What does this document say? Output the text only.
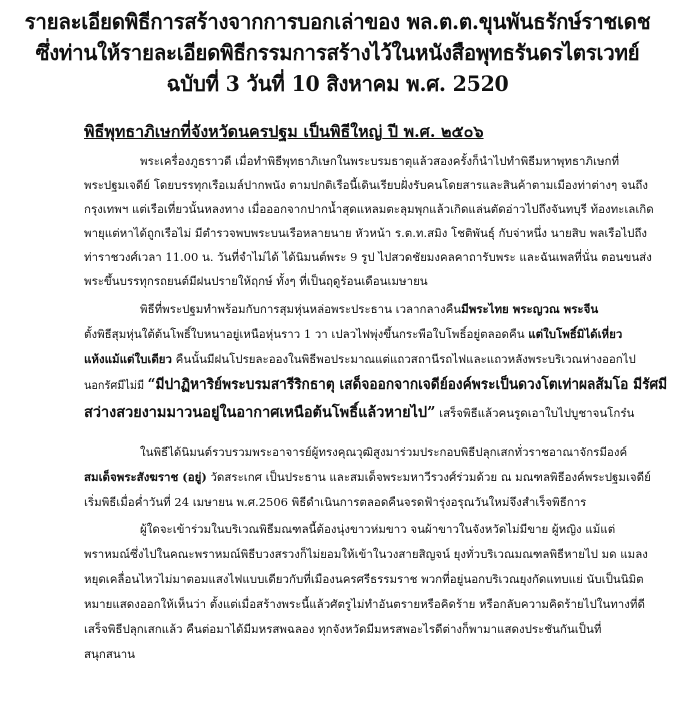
รายละเอียดพิธีการสร้างจากการบอกเล่าของ พล.ต.ต.ขุนพันธรักษ์ราชเดช
ซึ่งท่านให้รายละเอียดพิธีกรรมการสร้างไว้ในหนังสือพุทธรันดรไตรเวทย์
ฉบับที่ 3 วันที่ 10 สิงหาคม พ.ศ. 2520
พิธีพุทธาภิเษกที่จังหวัดนครปฐม เป็นพิธีใหญ่ ปี พ.ศ. ๒๕๐๖
พระเครื่องภูธราวดี เมื่อทำพิธีพุทธาภิเษกในพระบรมธาตุแล้วสองครั้งก็นำไปทำพิธีมหาพุทธาภิเษกที่
พระปฐมเจดีย์ โดยบรรทุกเรือเมล์ปากพนัง ตามปกติเรือนี้เดินเรียบฝั่งรับคนโดยสารและสินค้าตามเมืองท่าต่างๆ จนถึง
กรุงเทพฯ แต่เรือเที่ยวนั้นหลงทาง เมื่อออกจากปากน้ำสุดแหลมตะลุมพุกแล้วเกิดแล่นตัดอ่าวไปถึงจันทบุรี ท้องทะเลเกิด
พายุแต่หาได้ถูกเรือไม่ มีตำรวจพบพระบนเรือหลายนาย หัวหน้า ร.ต.ท.สมิง โชติพันธุ์ กับจ่าหนึ่ง นายสิบ พลเรือไปถึง
ท่าราชวงศ์เวลา 11.00 น. วันที่จำไม่ได้ ได้นิมนต์พระ 9 รูป ไปสวดชัยมงคลคาถารับพระ และฉันเพลที่นั่น ตอนขนส่ง
พระขึ้นบรรทุกรถยนต์มีฝนปรายให้ฤกษ์ ทั้งๆ ที่เป็นฤดูร้อนเดือนเมษายน
พิธีที่พระปฐมทำพร้อมกับการสุมหุ่นหล่อพระประธาน เวลากลางคืนมีพระไทย พระญวณ พระจีน
ตั้งพิธีสุมหุ่นใต้ต้นโพธิ์ใบหนาอยู่เหนือหุ่นราว 1 วา เปลวไฟพุ่งขึ้นกระพือใบโพธิ์อยู่ตลอดคืน แต่ใบโพธิ์มิได้เหี่ยว
แห้งแม้แต่ใบเดียว คืนนั้นมีฝนโปรยละอองในพิธีพอประมาณแต่แถวสถานีรถไฟและแถวหลังพระบริเวณห่างออกไป
นอกรัศมีไม่มี “มีปาฏิหาริย์พระบรมสารีริกธาตุ เสด็จออกจากเจดีย์องค์พระเป็นดวงโตเท่าผลส้มโอ มีรัศมี
สว่างสวยงามมาวนอยู่ในอากาศเหนือต้นโพธิ์แล้วหายไป” เสร็จพิธีแล้วคนรูดเอาใบไปบูชาจนโกร๋น
ในพิธีได้นิมนต์รวบรวมพระอาจารย์ผู้ทรงคุณวุฒิสูงมาร่วมประกอบพิธีปลุกเสกทั่วราชอาณาจักรมีองค์
สมเด็จพระสังฆราช (อยู่) วัดสระเกศ เป็นประธาน และสมเด็จพระมหาวีรวงศ์ร่วมด้วย ณ มณฑลพิธีองค์พระปฐมเจดีย์
เริ่มพิธีเมื่อค่ำวันที่ 24 เมษายน พ.ศ.2506 พิธีดำเนินการตลอดคืนจรดฟ้ารุ่งอรุณวันใหม่จึงสำเร็จพิธีการ
ผู้ใดจะเข้าร่วมในบริเวณพิธีมณฑลนี้ต้องนุ่งขาวห่มขาว จนผ้าขาวในจังหวัดไม่มีขาย ผู้หญิง แม้แต่
พราหมณ์ซึ่งไปในคณะพราหมณ์พิธีบวงสรวงก็ไม่ยอมให้เข้าในวงสายสิญจน์ ยุงทั่วบริเวณมณฑลพิธีหายไป มด แมลง
หยุดเคลื่อนไหวไม่มาตอมแสงไฟแบบเดียวกับที่เมืองนครศรีธรรมราช พวกที่อยู่นอกบริเวณยุงกัดแทบแย่ นับเป็นนิมิต
หมายแสดงออกให้เห็นว่า ตั้งแต่เมื่อสร้างพระนี้แล้วศัตรูไม่ทำอันตรายหรือคิดร้าย หรือกลับความคิดร้ายไปในทางที่ดี
เสร็จพิธีปลุกเสกแล้ว คืนต่อมาได้มีมหรสพฉลอง ทุกจังหวัดมีมหรสพอะไรดีต่างก็พามาแสดงประชันกันเป็นที่
สนุกสนาน
